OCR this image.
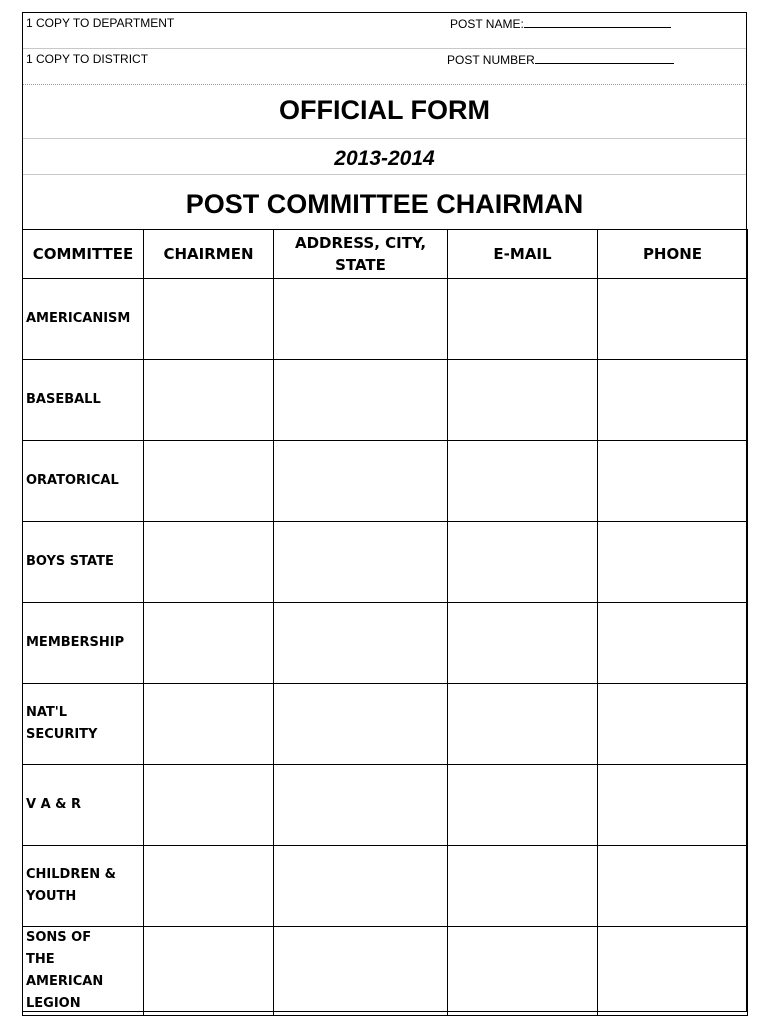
1 COPY TO DEPARTMENT	POST NAME:
1 COPY TO DISTRICT	POST NUMBER
OFFICIAL FORM
2013-2014
POST COMMITTEE CHAIRMAN
COMMITTEE	CHAIRMEN	ADDRESS, CITY, STATE	E-MAIL	PHONE
AMERICANISM				
BASEBALL				
ORATORICAL				
BOYS STATE				
MEMBERSHIP				
NAT'L SECURITY				
V A & R				
CHILDREN & YOUTH				
SONS OF THE AMERICAN LEGION				
